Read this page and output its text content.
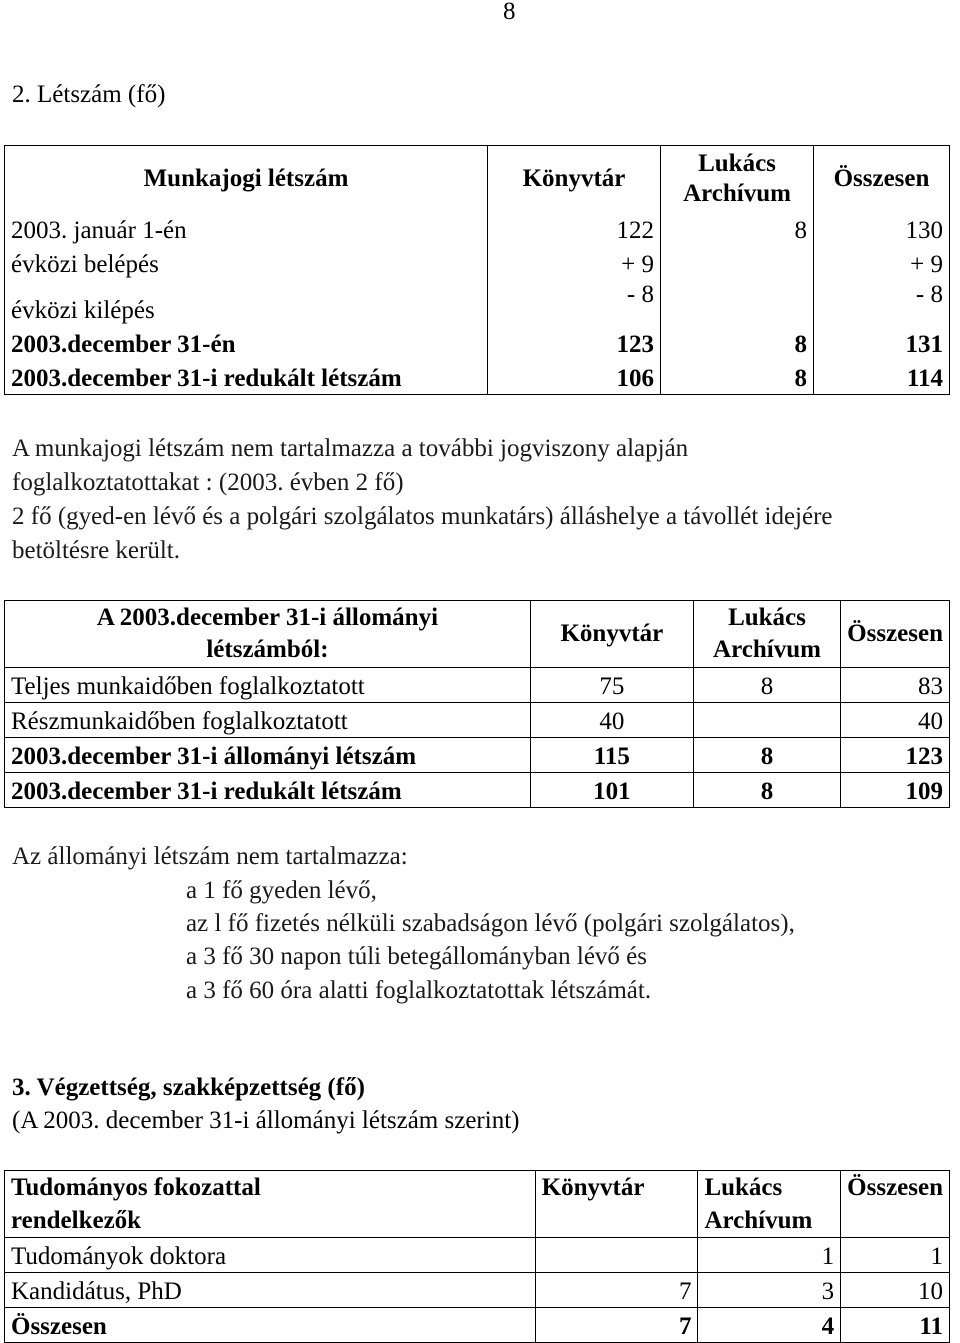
8
2. Létszám (fő)
Munkajogi létszám	Könyvtár	Lukács Archívum	Összesen
2003. január 1-én	122	8	130
évközi belépés	+ 9		+ 9
évközi kilépés	- 8		- 8
2003.december 31-én	123	8	131
2003.december 31-i redukált létszám	106	8	114
A munkajogi létszám nem tartalmazza a további jogviszony alapján
foglalkoztatottakat : (2003. évben 2 fő)
2 fő (gyed-en lévő és a polgári szolgálatos munkatárs) álláshelye a távollét idejére
betöltésre került.
A 2003.december 31-i állományi létszámból:	Könyvtár	Lukács Archívum	Összesen
Teljes munkaidőben foglalkoztatott	75	8	83
Részmunkaidőben foglalkoztatott	40		40
2003.december 31-i állományi létszám	115	8	123
2003.december 31-i redukált létszám	101	8	109
Az állományi létszám nem tartalmazza:
a 1 fő gyeden lévő,
az l fő fizetés nélküli szabadságon lévő (polgári szolgálatos),
a 3 fő 30 napon túli betegállományban lévő és
a 3 fő 60 óra alatti foglalkoztatottak létszámát.
3. Végzettség, szakképzettség (fő)
(A 2003. december 31-i állományi létszám szerint)
Tudományos fokozattal rendelkezők	Könyvtár	Lukács Archívum	Összesen
Tudományok doktora		1	1
Kandidátus, PhD	7	3	10
Összesen	7	4	11
